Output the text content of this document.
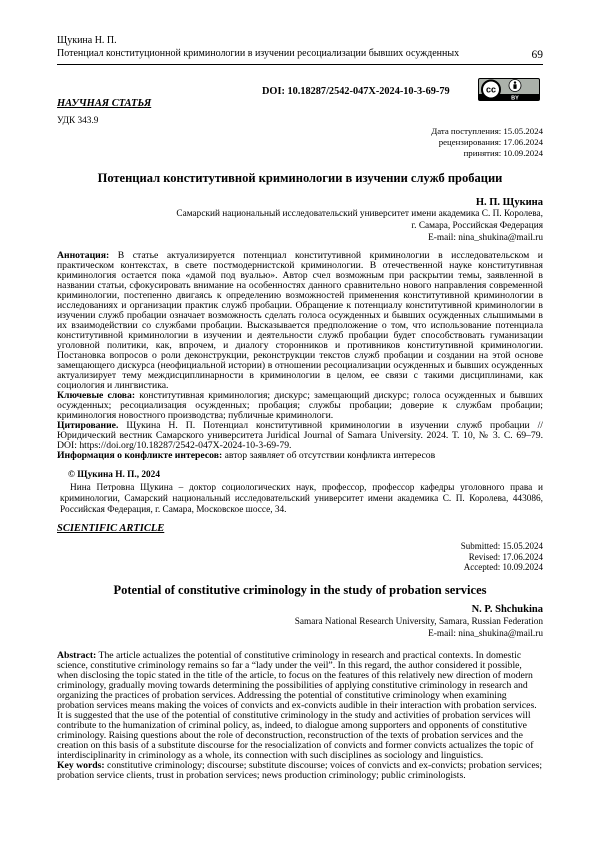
Щукина Н. П.
Потенциал конституционной криминологии в изучении ресоциализации бывших осужденных	69
DOI: 10.18287/2542-047X-2024-10-3-69-79	cc
BY
НАУЧНАЯ СТАТЬЯ
УДК 343.9
Дата поступления: 15.05.2024
рецензирования: 17.06.2024
принятия: 10.09.2024
Потенциал конститутивной криминологии в изучении служб пробации
Н. П. Щукина
Самарский национальный исследовательский университет имени академика С. П. Королева,
г. Самара, Российская Федерация
E-mail: nina_shukina@mail.ru

Аннотация: В статье актуализируется потенциал конститутивной криминологии в исследовательском и практическом контекстах, в свете постмодернистской криминологии. В отечественной науке конститутивная криминология остается пока «дамой под вуалью». Автор счел возможным при раскрытии темы, заявленной в названии статьи, сфокусировать внимание на особенностях данного сравнительно нового направления современной криминологии, постепенно двигаясь к определению возможностей применения конститутивной криминологии в исследованиях и организации практик служб пробации. Обращение к потенциалу конститутивной криминологии в изучении служб пробации означает возможность сделать голоса осужденных и бывших осужденных слышимыми в их взаимодействии со службами пробации. Высказывается предположение о том, что использование потенциала конститутивной криминологии в изучении и деятельности служб пробации будет способствовать гуманизации уголовной политики, как, впрочем, и диалогу сторонников и противников конститутивной криминологии. Постановка вопросов о роли деконструкции, реконструкции текстов служб пробации и создании на этой основе замещающего дискурса (неофициальной истории) в отношении ресоциализации осужденных и бывших осужденных актуализирует тему междисциплинарности в криминологии в целом, ее связи с такими дисциплинами, как социология и лингвистика.

Ключевые слова: конститутивная криминология; дискурс; замещающий дискурс; голоса осужденных и бывших осужденных; ресоциализация осужденных; пробация; службы пробации; доверие к службам пробации; криминология новостного производства; публичные криминологи.

Цитирование. Щукина Н. П. Потенциал конститутивной криминологии в изучении служб пробации // Юридический вестник Самарского университета Juridical Journal of Samara University. 2024. Т. 10, № 3. С. 69–79. DOI: https://doi.org/10.18287/2542-047X-2024-10-3-69-79.

Информация о конфликте интересов: автор заявляет об отсутствии конфликта интересов

© Щукина Н. П., 2024

Нина Петровна Щукина – доктор социологических наук, профессор, профессор кафедры уголовного права и криминологии, Самарский национальный исследовательский университет имени академика С. П. Королева, 443086, Российская Федерация, г. Самара, Московское шоссе, 34.

SCIENTIFIC ARTICLE
Submitted: 15.05.2024
Revised: 17.06.2024
Accepted: 10.09.2024
Potential of constitutive criminology in the study of probation services
N. P. Shchukina
Samara National Research University, Samara, Russian Federation
E-mail: nina_shukina@mail.ru

Abstract: The article actualizes the potential of constitutive criminology in research and practical contexts. In domestic science, constitutive criminology remains so far a “lady under the veil”. In this regard, the author considered it possible, when disclosing the topic stated in the title of the article, to focus on the features of this relatively new direction of modern criminology, gradually moving towards determining the possibilities of applying constitutive criminology in research and organizing the practices of probation services. Addressing the potential of constitutive criminology when examining probation services means making the voices of convicts and ex-convicts audible in their interaction with probation services. It is suggested that the use of the potential of constitutive criminology in the study and activities of probation services will contribute to the humanization of criminal policy, as, indeed, to dialogue among supporters and opponents of constitutive criminology. Raising questions about the role of deconstruction, reconstruction of the texts of probation services and the creation on this basis of a substitute discourse for the resocialization of convicts and former convicts actualizes the topic of interdisciplinarity in criminology as a whole, its connection with such disciplines as sociology and linguistics.

Key words: constitutive criminology; discourse; substitute discourse; voices of convicts and ex-convicts; probation services; probation service clients, trust in probation services; news production criminology; public criminologists.
